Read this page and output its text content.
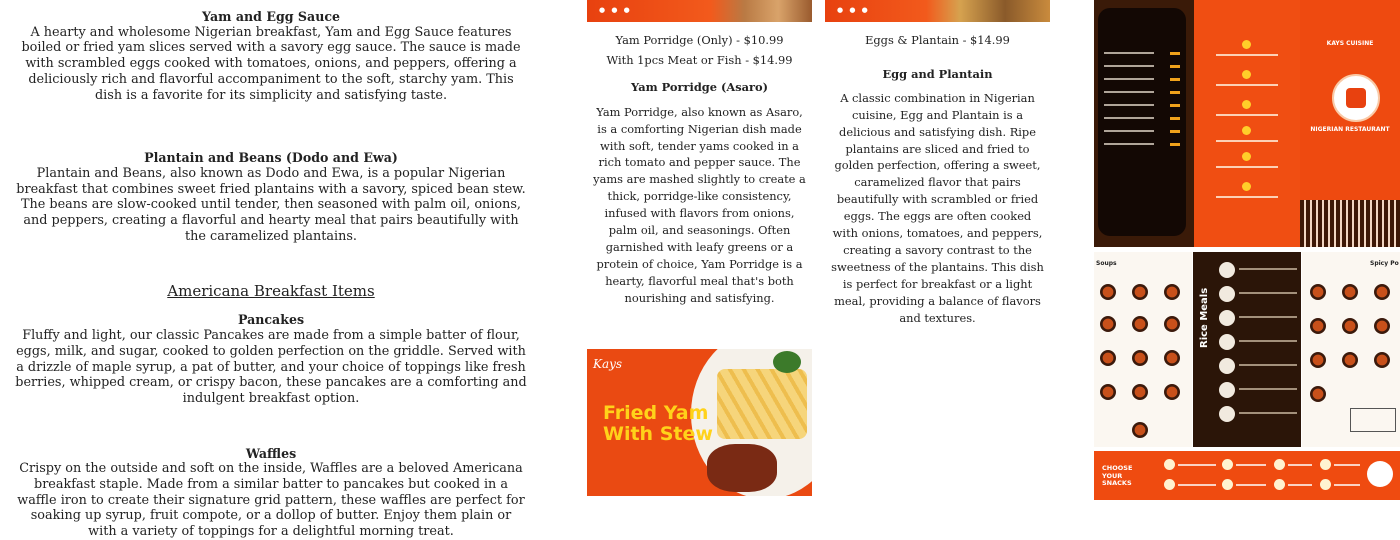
Yam and Egg Sauce

A hearty and wholesome Nigerian breakfast, Yam and Egg Sauce features boiled or fried yam slices served with a savory egg sauce. The sauce is made with scrambled eggs cooked with tomatoes, onions, and peppers, offering a deliciously rich and flavorful accompaniment to the soft, starchy yam. This dish is a favorite for its simplicity and satisfying taste.

Plantain and Beans (Dodo and Ewa)

Plantain and Beans, also known as Dodo and Ewa, is a popular Nigerian breakfast that combines sweet fried plantains with a savory, spiced bean stew. The beans are slow-cooked until tender, then seasoned with palm oil, onions, and peppers, creating a flavorful and hearty meal that pairs beautifully with the caramelized plantains.

Americana Breakfast Items
Pancakes

Fluffy and light, our classic Pancakes are made from a simple batter of flour, eggs, milk, and sugar, cooked to golden perfection on the griddle. Served with a drizzle of maple syrup, a pat of butter, and your choice of toppings like fresh berries, whipped cream, or crispy bacon, these pancakes are a comforting and indulgent breakfast option.

Waffles

Crispy on the outside and soft on the inside, Waffles are a beloved Americana breakfast staple. Made from a similar batter to pancakes but cooked in a waffle iron to create their signature grid pattern, these waffles are perfect for soaking up syrup, fruit compote, or a dollop of butter. Enjoy them plain or with a variety of toppings for a delightful morning treat.

● ● ●	● ● ●

Yam Porridge (Only) - $10.99

With 1pcs Meat or Fish - $14.99

Yam Porridge (Asaro)

Yam Porridge, also known as Asaro, is a comforting Nigerian dish made with soft, tender yams cooked in a rich tomato and pepper sauce. The yams are mashed slightly to create a thick, porridge-like consistency, infused with flavors from onions, palm oil, and seasonings. Often garnished with leafy greens or a protein of choice, Yam Porridge is a hearty, flavorful meal that's both nourishing and satisfying.

Kays
Fried Yam
With Stew

Eggs & Plantain - $14.99

Egg and Plantain

A classic combination in Nigerian cuisine, Egg and Plantain is a delicious and satisfying dish. Ripe plantains are sliced and fried to golden perfection, offering a sweet, caramelized flavor that pairs beautifully with scrambled or fried eggs. The eggs are often cooked with onions, tomatoes, and peppers, creating a savory contrast to the sweetness of the plantains. This dish is perfect for breakfast or a light meal, providing a balance of flavors and textures.

KAYS CUISINE
NIGERIAN RESTAURANT
Soups
Rice Meals
Spicy Po
CHOOSE
YOUR
SNACKS
